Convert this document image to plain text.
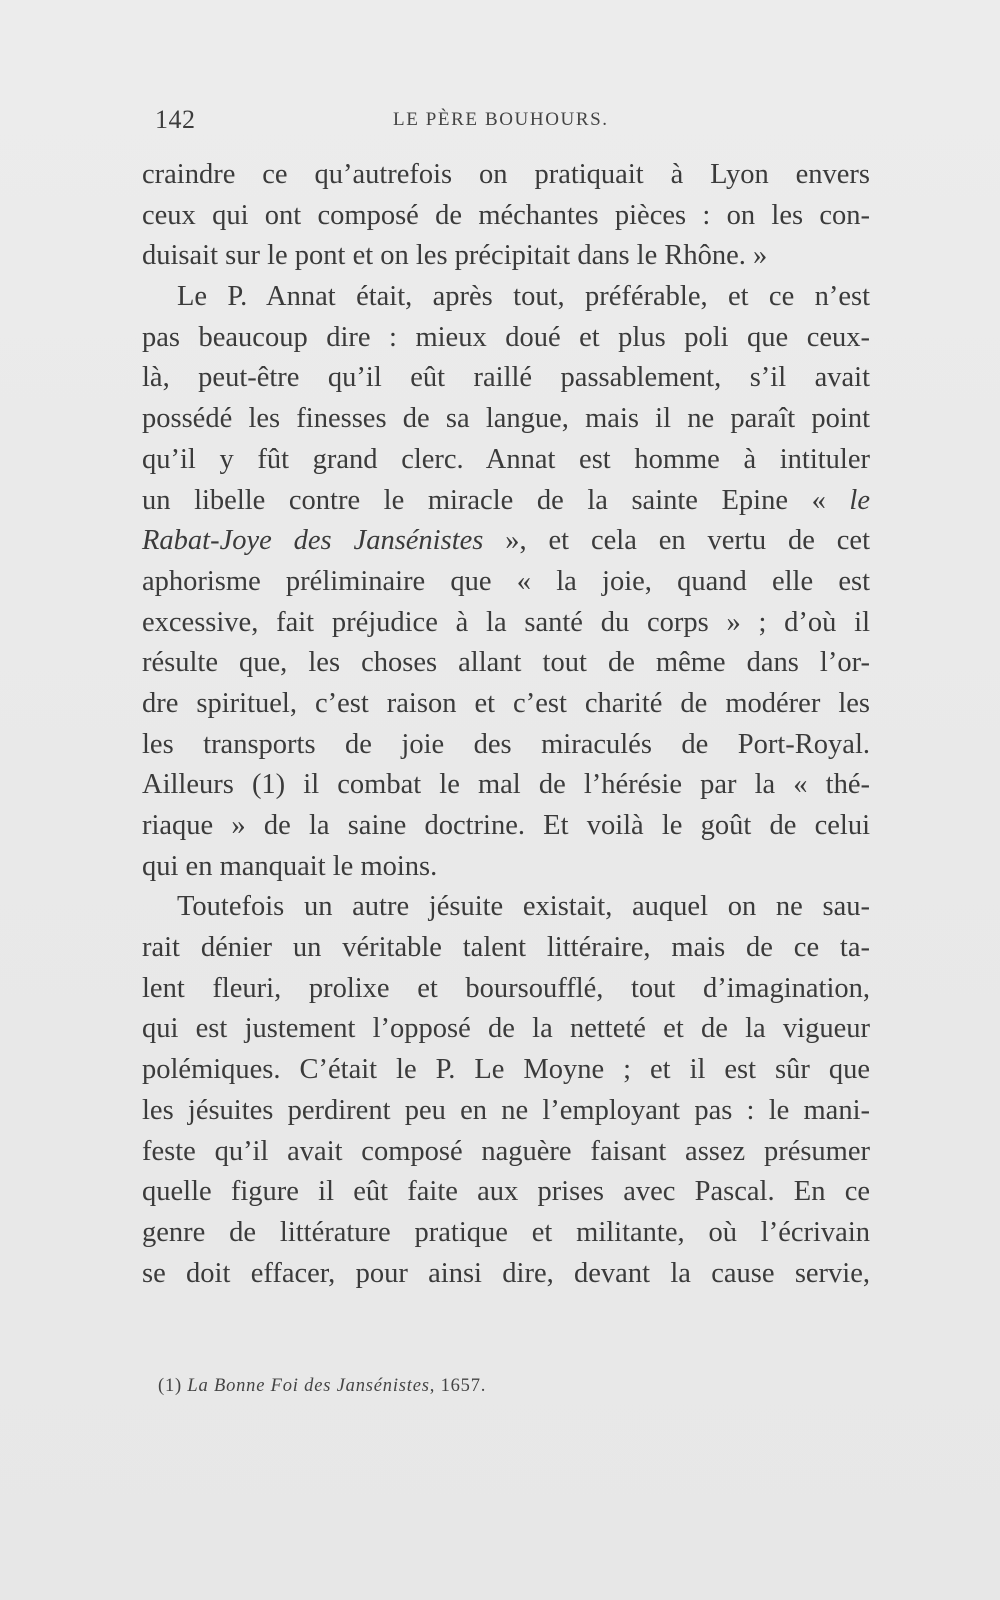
142	LE PÈRE BOUHOURS.
craindre ce qu’autrefois on pratiquait à Lyon envers
ceux qui ont composé de méchantes pièces : on les con-
duisait sur le pont et on les précipitait dans le Rhône. »
Le P. Annat était, après tout, préférable, et ce n’est
pas beaucoup dire : mieux doué et plus poli que ceux-
là, peut-être qu’il eût raillé passablement, s’il avait
possédé les finesses de sa langue, mais il ne paraît point
qu’il y fût grand clerc. Annat est homme à intituler
un libelle contre le miracle de la sainte Epine « le
Rabat-Joye des Jansénistes », et cela en vertu de cet
aphorisme préliminaire que « la joie, quand elle est
excessive, fait préjudice à la santé du corps » ; d’où il
résulte que, les choses allant tout de même dans l’or-
dre spirituel, c’est raison et c’est charité de modérer les
les transports de joie des miraculés de Port-Royal.
Ailleurs (1) il combat le mal de l’hérésie par la « thé-
riaque » de la saine doctrine. Et voilà le goût de celui
qui en manquait le moins.
Toutefois un autre jésuite existait, auquel on ne sau-
rait dénier un véritable talent littéraire, mais de ce ta-
lent fleuri, prolixe et boursoufflé, tout d’imagination,
qui est justement l’opposé de la netteté et de la vigueur
polémiques. C’était le P. Le Moyne ; et il est sûr que
les jésuites perdirent peu en ne l’employant pas : le mani-
feste qu’il avait composé naguère faisant assez présumer
quelle figure il eût faite aux prises avec Pascal. En ce
genre de littérature pratique et militante, où l’écrivain
se doit effacer, pour ainsi dire, devant la cause servie,
(1) La Bonne Foi des Jansénistes, 1657.
